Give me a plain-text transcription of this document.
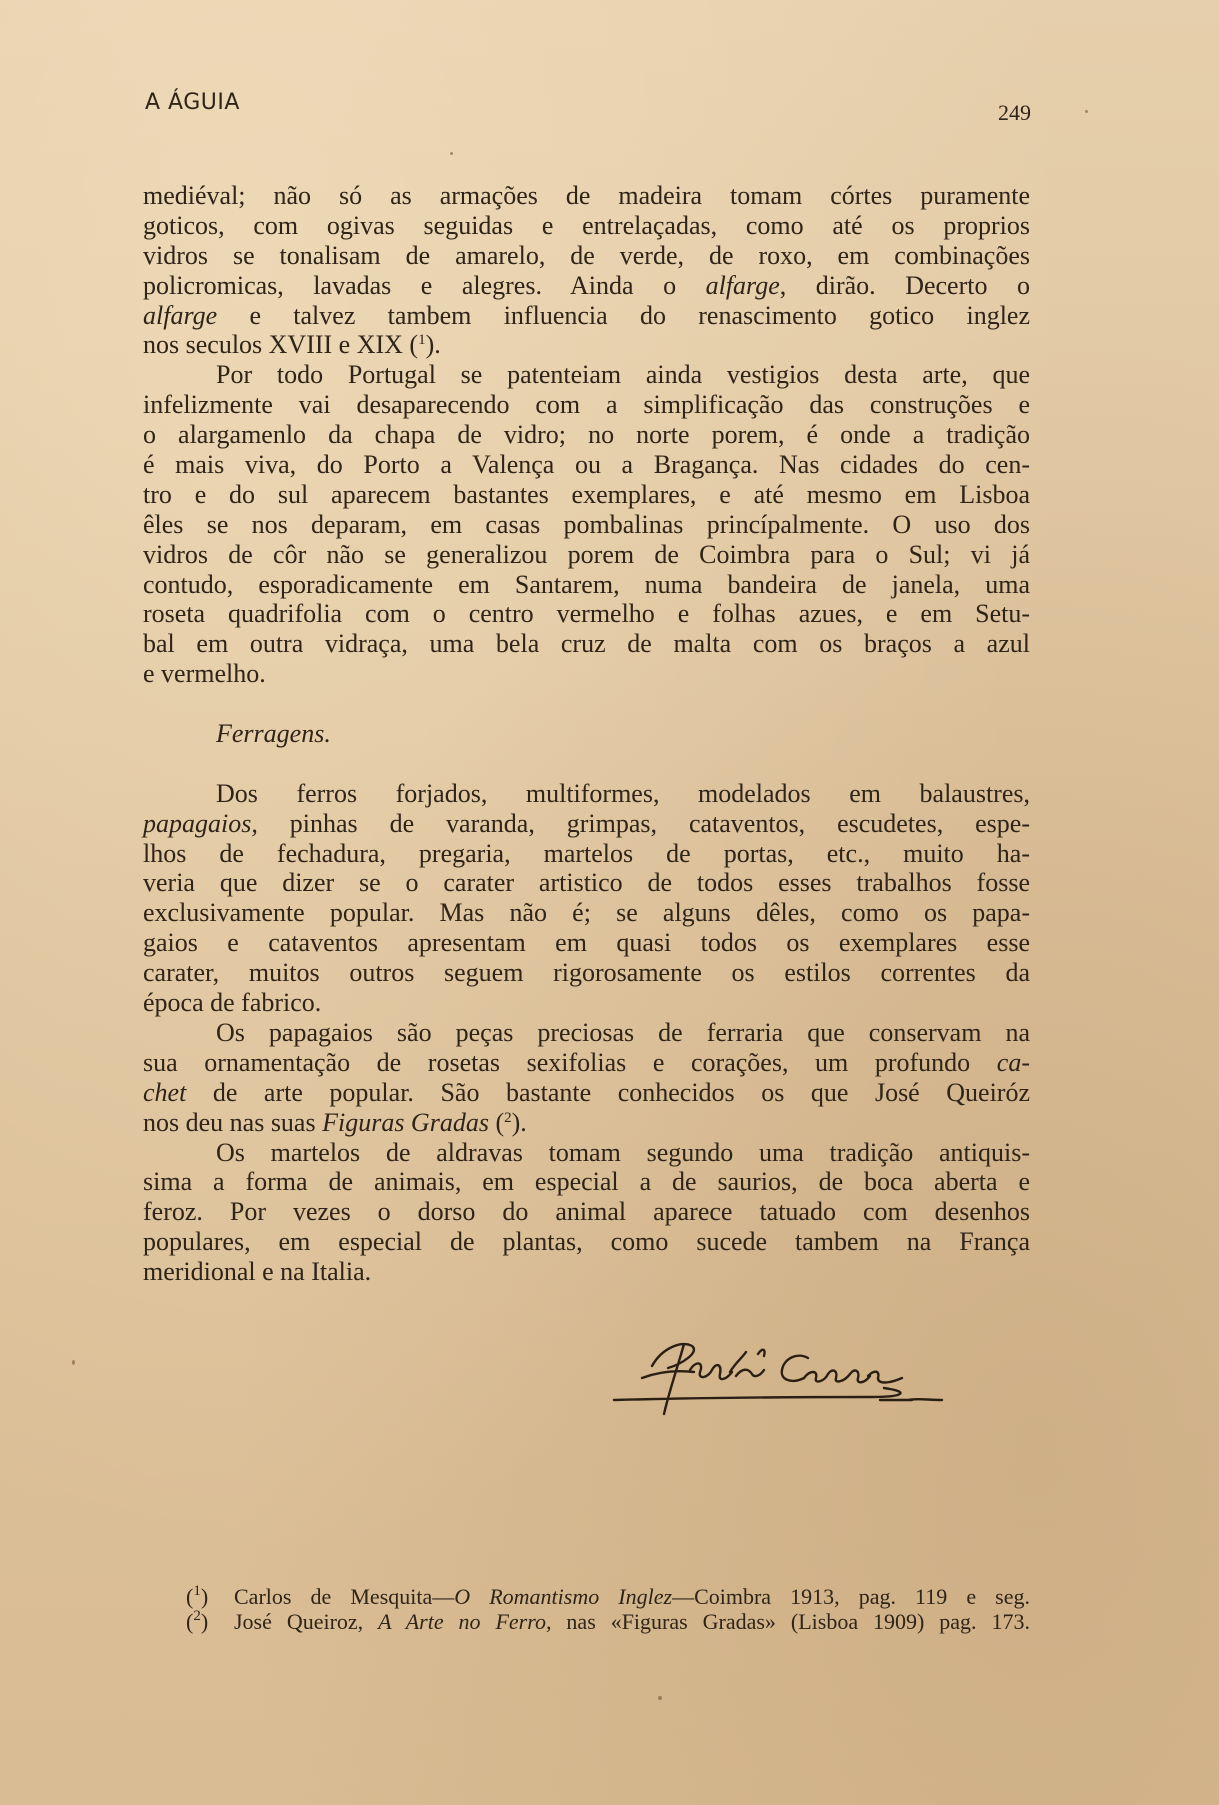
A ÁGUIA	249
mediéval; não só as armações de madeira tomam córtes puramente
goticos, com ogivas seguidas e entrelaçadas, como até os proprios
vidros se tonalisam de amarelo, de verde, de roxo, em combinações
policromicas, lavadas e alegres. Ainda o alfarge, dirão. Decerto o
alfarge e talvez tambem influencia do renascimento gotico inglez
nos seculos XVIII e XIX ($^1$).
Por todo Portugal se patenteiam ainda vestigios desta arte, que
infelizmente vai desaparecendo com a simplificação das construções e
o alargamenlo da chapa de vidro; no norte porem, é onde a tradição
é mais viva, do Porto a Valença ou a Bragança. Nas cidades do cen-
tro e do sul aparecem bastantes exemplares, e até mesmo em Lisboa
êles se nos deparam, em casas pombalinas princípalmente. O uso dos
vidros de côr não se generalizou porem de Coimbra para o Sul; vi já
contudo, esporadicamente em Santarem, numa bandeira de janela, uma
roseta quadrifolia com o centro vermelho e folhas azues, e em Setu-
bal em outra vidraça, uma bela cruz de malta com os braços a azul
e vermelho.
Ferragens.
Dos ferros forjados, multiformes, modelados em balaustres,
papagaios, pinhas de varanda, grimpas, cataventos, escudetes, espe-
lhos de fechadura, pregaria, martelos de portas, etc., muito ha-
veria que dizer se o carater artistico de todos esses trabalhos fosse
exclusivamente popular. Mas não é; se alguns dêles, como os papa-
gaios e cataventos apresentam em quasi todos os exemplares esse
carater, muitos outros seguem rigorosamente os estilos correntes da
época de fabrico.
Os papagaios são peças preciosas de ferraria que conservam na
sua ornamentação de rosetas sexifolias e corações, um profundo ca-
chet de arte popular. São bastante conhecidos os que José Queiróz
nos deu nas suas Figuras Gradas ($^2$).
Os martelos de aldravas tomam segundo uma tradição antiquis-
sima a forma de animais, em especial a de saurios, de boca aberta e
feroz. Por vezes o dorso do animal aparece tatuado com desenhos
populares, em especial de plantas, como sucede tambem na França
meridional e na Italia.
($^1$)	Carlos de Mesquita—O Romantismo Inglez—Coimbra 1913, pag. 119 e seg.
($^2$)	José Queiroz, A Arte no Ferro, nas «Figuras Gradas» (Lisboa 1909) pag. 173.
